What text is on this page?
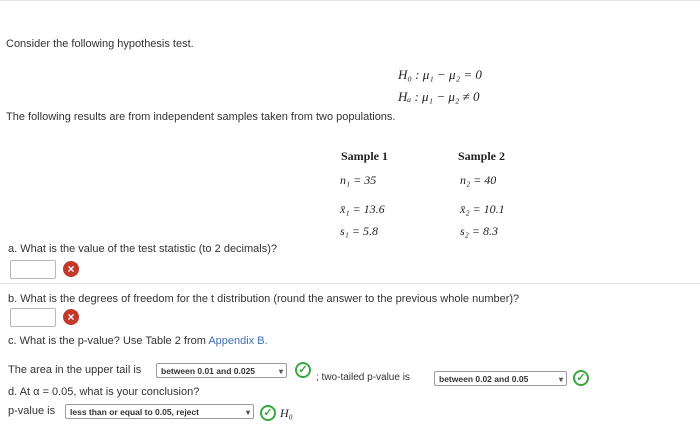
Consider the following hypothesis test.
H₀ : μ₁ − μ₂ = 0
Hₐ : μ₁ − μ₂ ≠ 0
The following results are from independent samples taken from two populations.
Sample 1	Sample 2
n₁ = 35	n₂ = 40
x̄₁ = 13.6	x̄₂ = 10.1
s₁ = 5.8	s₂ = 8.3
a. What is the value of the test statistic (to 2 decimals)?
×
b. What is the degrees of freedom for the t distribution (round the answer to the previous whole number)?
×
c. What is the p-value? Use Table 2 from Appendix B.
The area in the upper tail is	between 0.01 and 0.025	▾	✓
; two-tailed p-value is	between 0.02 and 0.05	▾	✓
d. At α = 0.05, what is your conclusion?
p-value is	less than or equal to 0.05, reject	▾	✓ H₀
